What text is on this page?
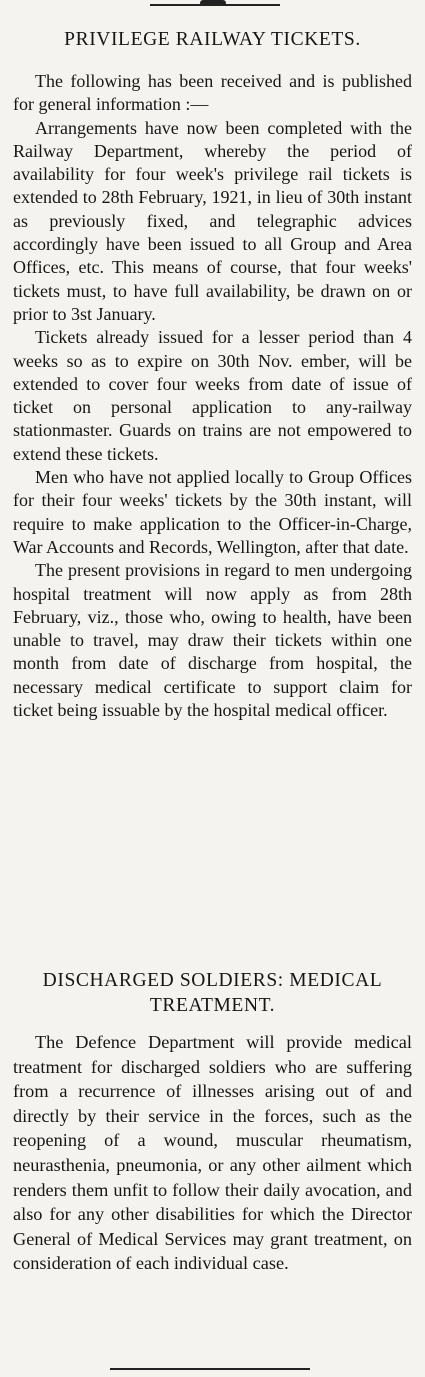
PRIVILEGE RAILWAY TICKETS.

The following has been received and is published for general information :—

Arrangements have now been completed with the Railway Department, whereby the period of availability for four week's privilege rail tickets is extended to 28th February, 1921, in lieu of 30th instant as previously fixed, and telegraphic advices accordingly have been issued to all Group and Area Offices, etc. This means of course, that four weeks' tickets must, to have full availability, be drawn on or prior to 3st January.

Tickets already issued for a lesser period than 4 weeks so as to expire on 30th Nov. ember, will be extended to cover four weeks from date of issue of ticket on personal application to any-railway stationmaster. Guards on trains are not empowered to extend these tickets.

Men who have not applied locally to Group Offices for their four weeks' tickets by the 30th instant, will require to make application to the Officer-in-Charge, War Accounts and Records, Wellington, after that date.

The present provisions in regard to men undergoing hospital treatment will now apply as from 28th February, viz., those who, owing to health, have been unable to travel, may draw their tickets within one month from date of discharge from hospital, the necessary medical certificate to support claim for ticket being issuable by the hospital medical officer.

DISCHARGED SOLDIERS: MEDICAL TREATMENT.

The Defence Department will provide medical treatment for discharged soldiers who are suffering from a recurrence of illnesses arising out of and directly by their service in the forces, such as the reopening of a wound, muscular rheumatism, neurasthenia, pneumonia, or any other ailment which renders them unfit to follow their daily avocation, and also for any other disabilities for which the Director General of Medical Services may grant treatment, on consideration of each individual case.
